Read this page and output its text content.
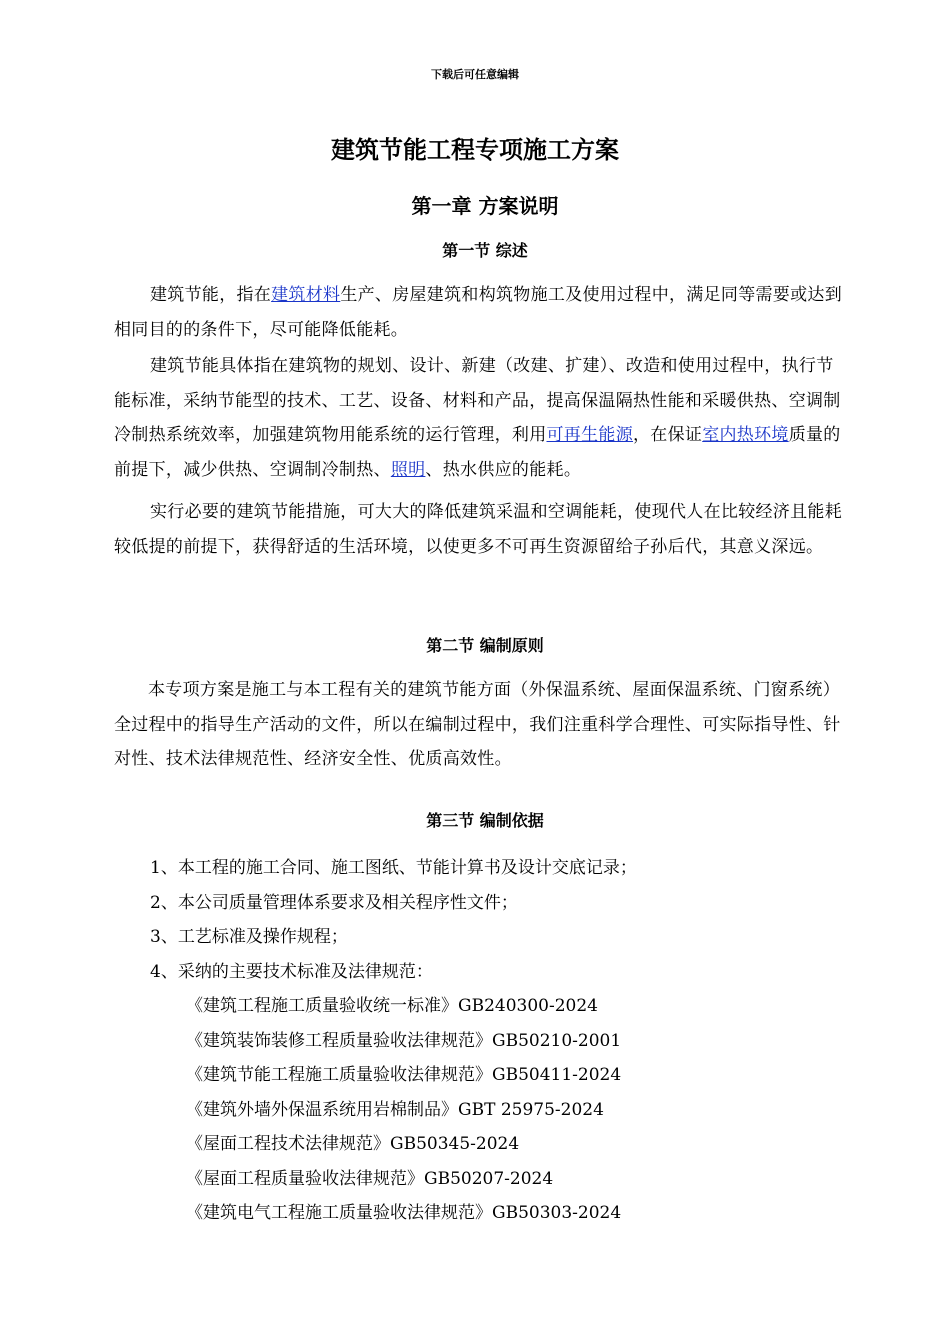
下载后可任意编辑
建筑节能工程专项施工方案
第一章 方案说明
第一节 综述

建筑节能，指在建筑材料生产、房屋建筑和构筑物施工及使用过程中，满足同等需要或达到相同目的的条件下，尽可能降低能耗。

建筑节能具体指在建筑物的规划、设计、新建（改建、扩建）、改造和使用过程中，执行节能标准，采纳节能型的技术、工艺、设备、材料和产品，提高保温隔热性能和采暖供热、空调制冷制热系统效率，加强建筑物用能系统的运行管理，利用可再生能源，在保证室内热环境质量的前提下，减少供热、空调制冷制热、照明、热水供应的能耗。

实行必要的建筑节能措施，可大大的降低建筑采温和空调能耗，使现代人在比较经济且能耗较低提的前提下，获得舒适的生活环境，以使更多不可再生资源留给子孙后代，其意义深远。

第二节 编制原则

本专项方案是施工与本工程有关的建筑节能方面（外保温系统、屋面保温系统、门窗系统）全过程中的指导生产活动的文件，所以在编制过程中，我们注重科学合理性、可实际指导性、针对性、技术法律规范性、经济安全性、优质高效性。

第三节 编制依据

1、本工程的施工合同、施工图纸、节能计算书及设计交底记录；

2、本公司质量管理体系要求及相关程序性文件；

3、工艺标准及操作规程；

4、采纳的主要技术标准及法律规范：

《建筑工程施工质量验收统一标准》GB240300-2024

《建筑装饰装修工程质量验收法律规范》GB50210-2001

《建筑节能工程施工质量验收法律规范》GB50411-2024

《建筑外墙外保温系统用岩棉制品》GBT 25975-2024

《屋面工程技术法律规范》GB50345-2024

《屋面工程质量验收法律规范》GB50207-2024

《建筑电气工程施工质量验收法律规范》GB50303-2024
